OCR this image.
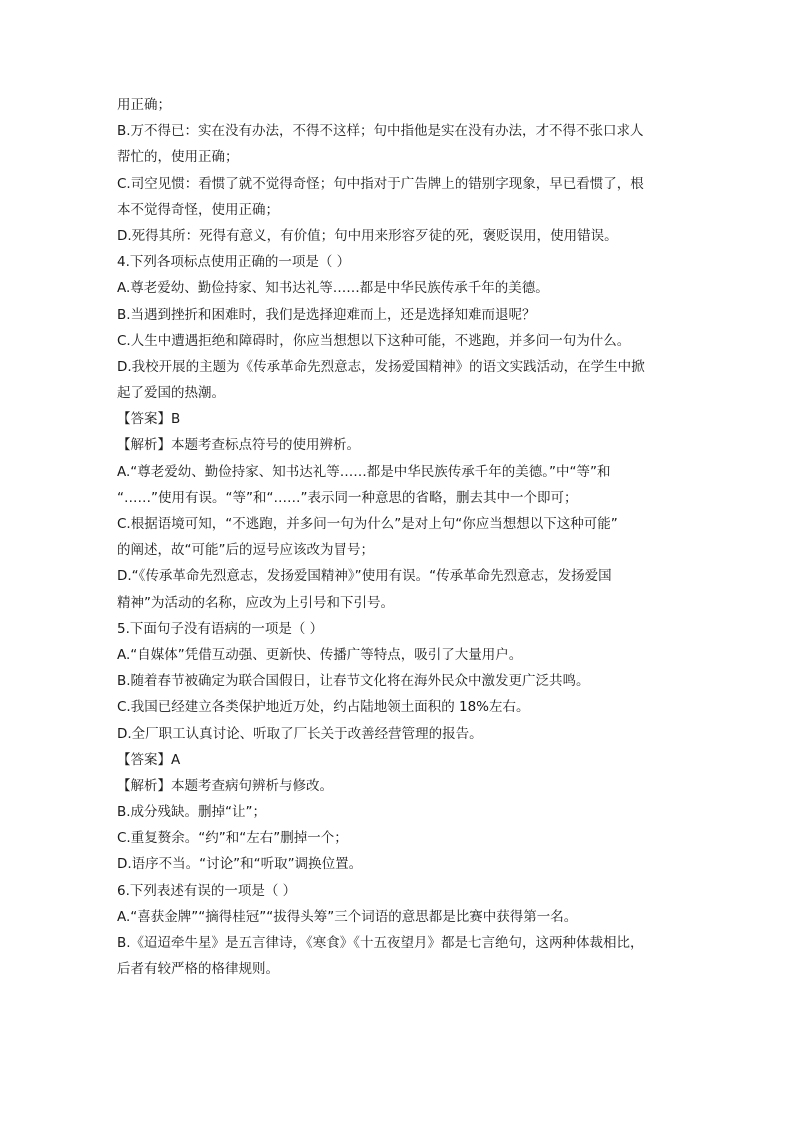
用正确；
B.万不得已：实在没有办法，不得不这样；句中指他是实在没有办法，才不得不张口求人
帮忙的，使用正确；
C.司空见惯：看惯了就不觉得奇怪；句中指对于广告牌上的错别字现象，早已看惯了，根
本不觉得奇怪，使用正确；
D.死得其所：死得有意义，有价值；句中用来形容歹徒的死，褒贬误用，使用错误。
4.下列各项标点使用正确的一项是（ ）
A.尊老爱幼、勤俭持家、知书达礼等……都是中华民族传承千年的美德。
B.当遇到挫折和困难时，我们是选择迎难而上，还是选择知难而退呢？
C.人生中遭遇拒绝和障碍时，你应当想想以下这种可能，不逃跑，并多问一句为什么。
D.我校开展的主题为《传承革命先烈意志，发扬爱国精神》的语文实践活动，在学生中掀
起了爱国的热潮。
【答案】B
【解析】本题考查标点符号的使用辨析。
A.“尊老爱幼、勤俭持家、知书达礼等……都是中华民族传承千年的美德。”中“等”和
“……”使用有误。“等”和“……”表示同一种意思的省略，删去其中一个即可；
C.根据语境可知，“不逃跑，并多问一句为什么”是对上句“你应当想想以下这种可能”
的阐述，故“可能”后的逗号应该改为冒号；
D.“《传承革命先烈意志，发扬爱国精神》”使用有误。“传承革命先烈意志，发扬爱国
精神”为活动的名称，应改为上引号和下引号。
5.下面句子没有语病的一项是（ ）
A.“自媒体”凭借互动强、更新快、传播广等特点，吸引了大量用户。
B.随着春节被确定为联合国假日，让春节文化将在海外民众中激发更广泛共鸣。
C.我国已经建立各类保护地近万处，约占陆地领土面积的 18%左右。
D.全厂职工认真讨论、听取了厂长关于改善经营管理的报告。
【答案】A
【解析】本题考查病句辨析与修改。
B.成分残缺。删掉“让”；
C.重复赘余。“约”和“左右”删掉一个；
D.语序不当。“讨论”和“听取”调换位置。
6.下列表述有误的一项是（ ）
A.“喜获金牌”“摘得桂冠”“拔得头筹”三个词语的意思都是比赛中获得第一名。
B.《迢迢牵牛星》是五言律诗，《寒食》《十五夜望月》都是七言绝句，这两种体裁相比，
后者有较严格的格律规则。
